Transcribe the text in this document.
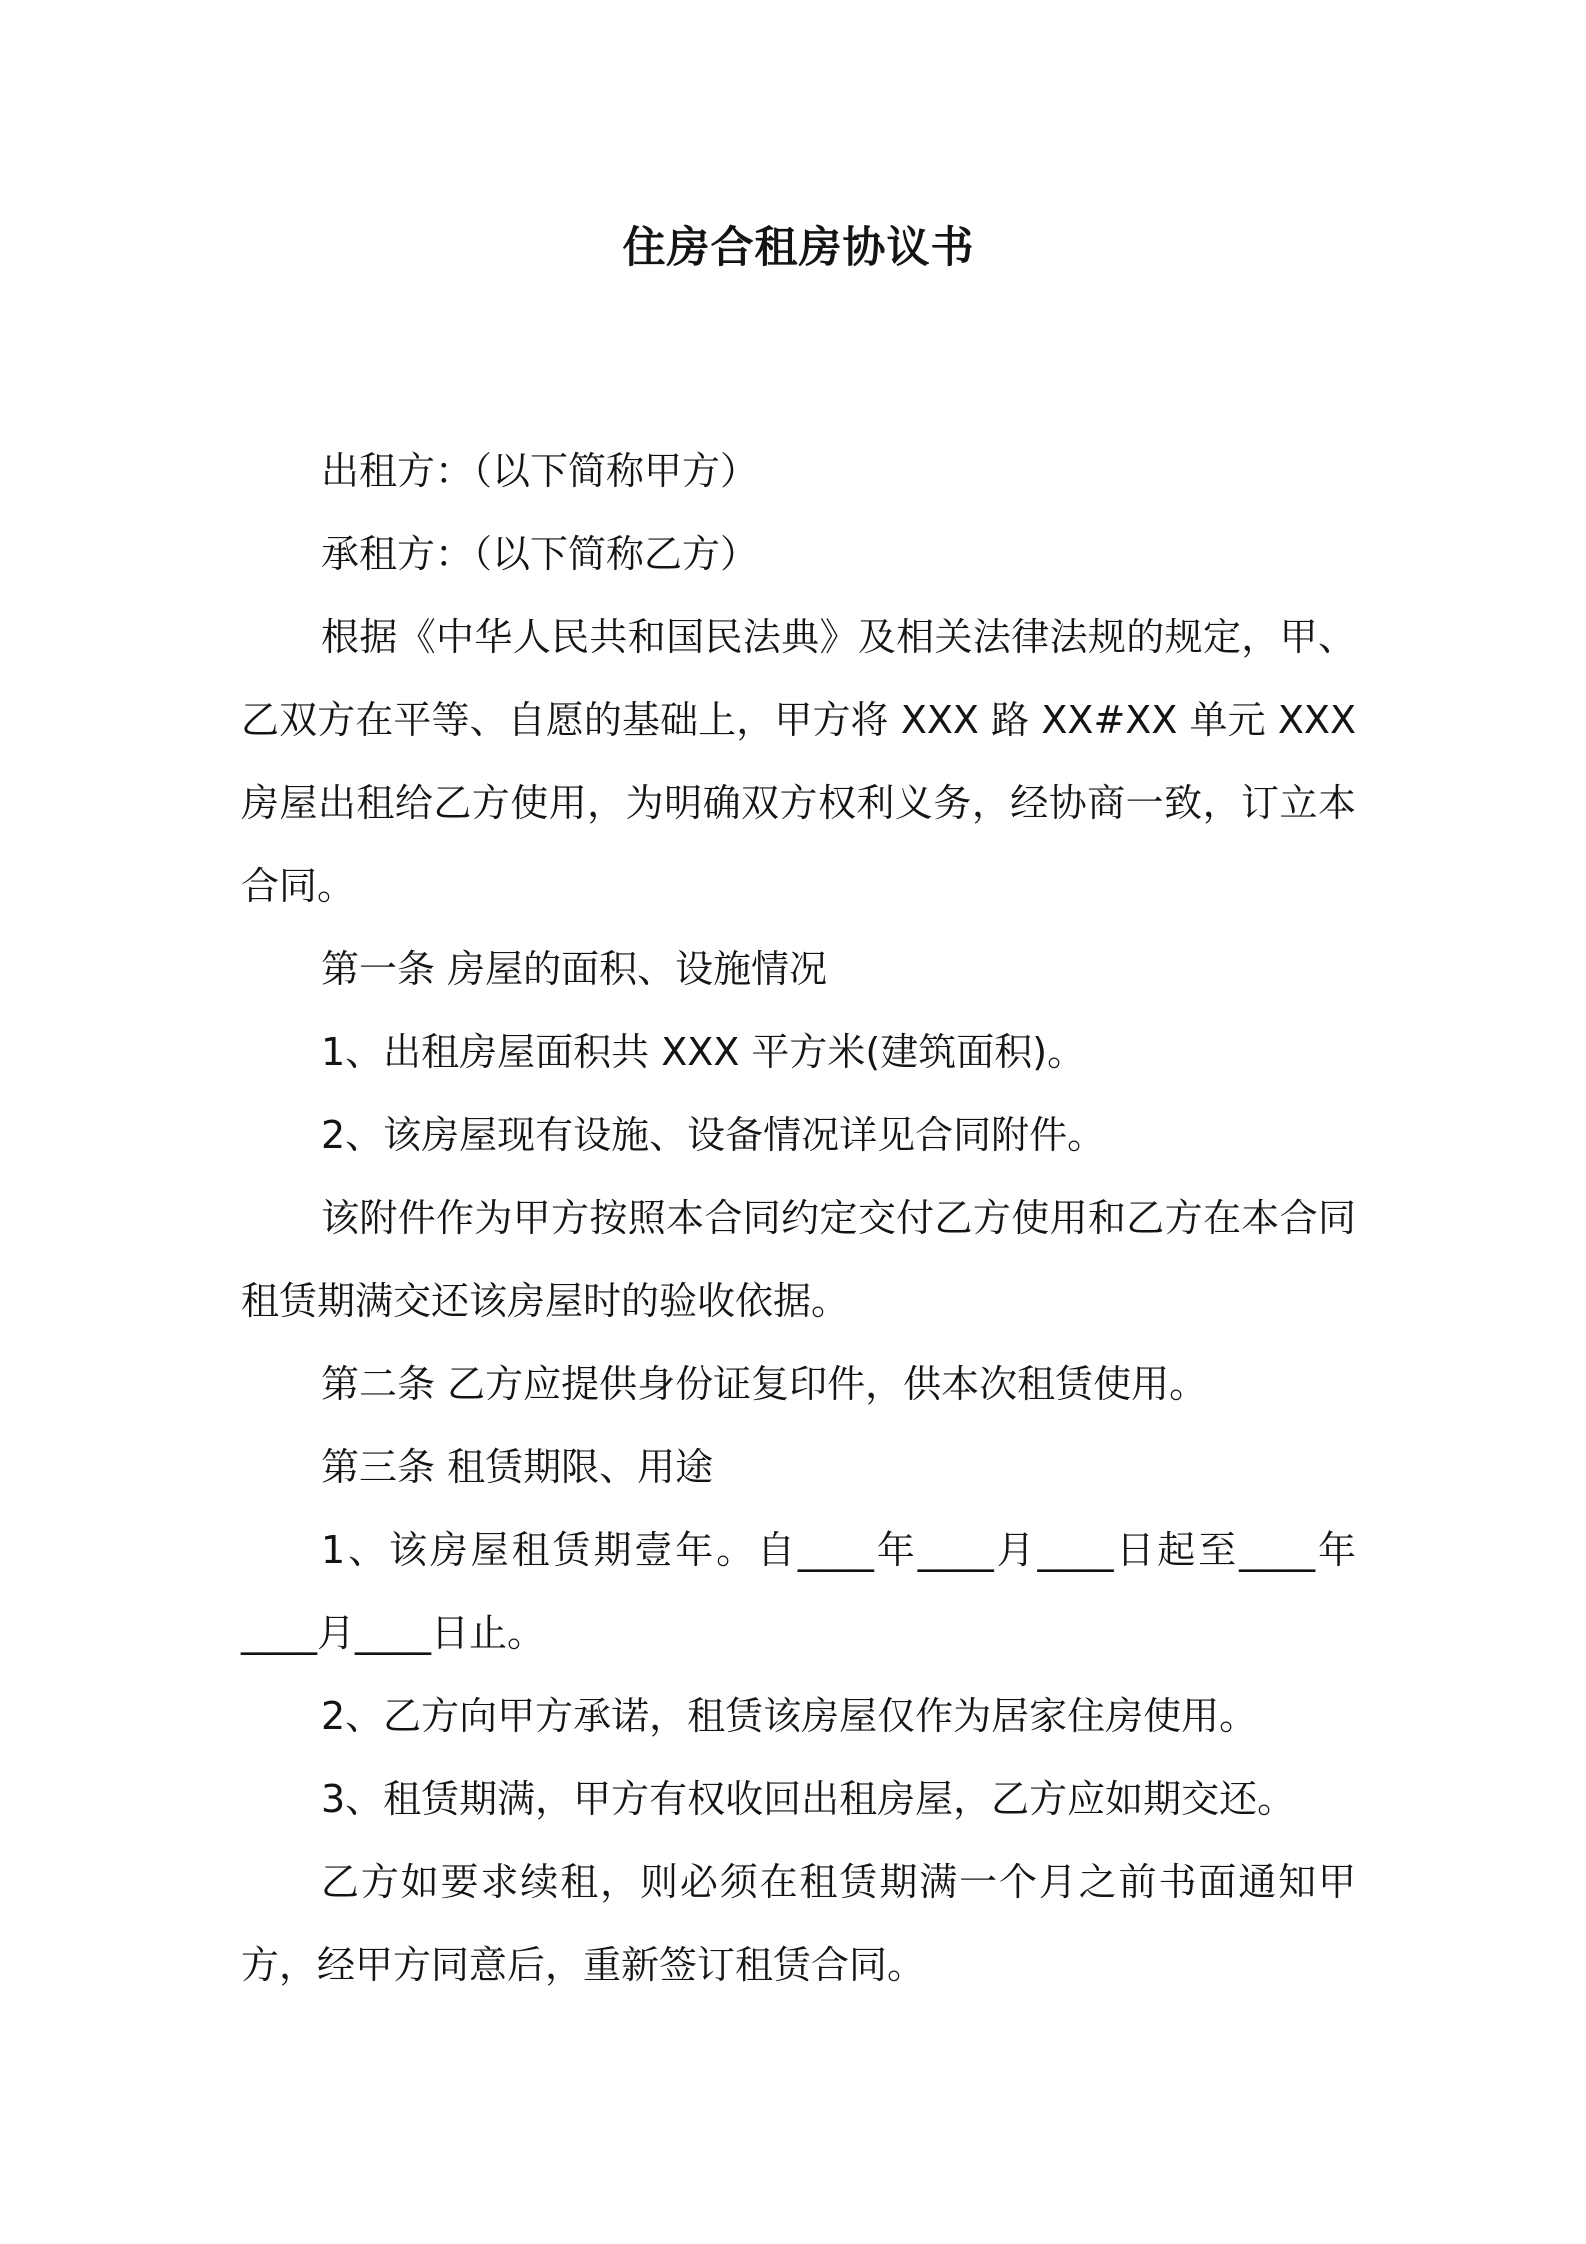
住房合租房协议书

出租方：（以下简称甲方）

承租方：（以下简称乙方）

根据《中华人民共和国民法典》及相关法律法规的规定，甲、乙双方在平等、自愿的基础上，甲方将 XXX 路 XX#XX 单元 XXX 房屋出租给乙方使用，为明确双方权利义务，经协商一致，订立本合同。

第一条 房屋的面积、设施情况

1、出租房屋面积共 XXX 平方米(建筑面积)。

2、该房屋现有设施、设备情况详见合同附件。

该附件作为甲方按照本合同约定交付乙方使用和乙方在本合同租赁期满交还该房屋时的验收依据。

第二条 乙方应提供身份证复印件，供本次租赁使用。

第三条 租赁期限、用途

1、该房屋租赁期壹年。自____年____月____日起至____年____月____日止。

2、乙方向甲方承诺，租赁该房屋仅作为居家住房使用。

3、租赁期满，甲方有权收回出租房屋，乙方应如期交还。

乙方如要求续租，则必须在租赁期满一个月之前书面通知甲方，经甲方同意后，重新签订租赁合同。
